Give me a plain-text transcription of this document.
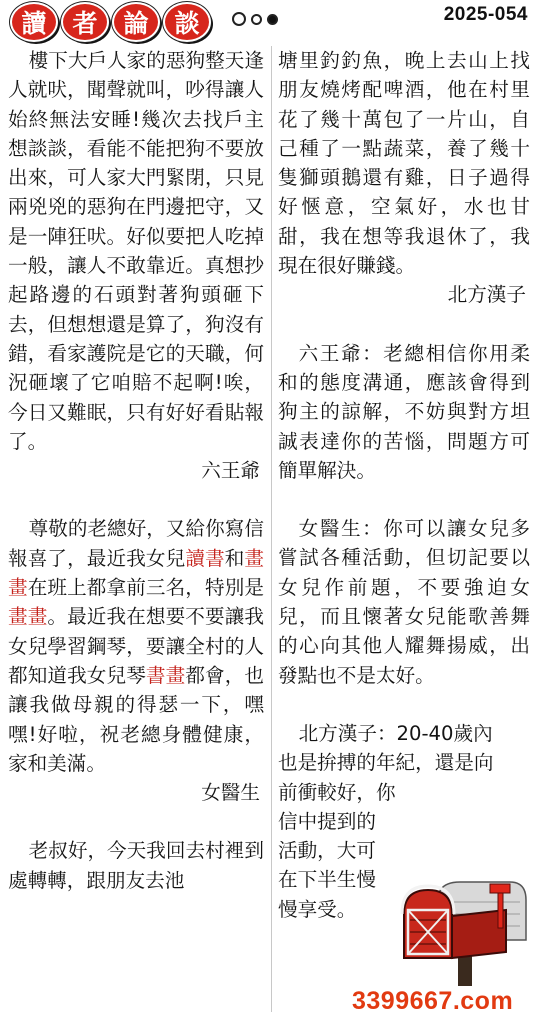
讀	者	論	談	2025-054

樓下大戶人家的惡狗整天逢人就吠，聞聲就叫，吵得讓人始終無法安睡!幾次去找戶主想談談，看能不能把狗不要放出來，可人家大門緊閉，只見兩兇兇的惡狗在門邊把守，又是一陣狂吠。好似要把人吃掉一般，讓人不敢靠近。真想抄起路邊的石頭對著狗頭砸下去，但想想還是算了，狗沒有錯，看家護院是它的天職，何況砸壞了它咱賠不起啊!唉，今日又難眠，只有好好看貼報了。

六王爺

尊敬的老總好，又給你寫信報喜了，最近我女兒讀書和畫畫在班上都拿前三名，特別是畫畫。最近我在想要不要讓我女兒學習鋼琴，要讓全村的人都知道我女兒琴書畫都會，也讓我做母親的得瑟一下，嘿嘿!好啦，祝老總身體健康，家和美滿。

女醫生

老叔好，今天我回去村裡到處轉轉，跟朋友去池

塘里釣釣魚，晚上去山上找朋友燒烤配啤酒，他在村里花了幾十萬包了一片山，自己種了一點蔬菜，養了幾十隻獅頭鵝還有雞，日子過得好愜意，空氣好，水也甘甜，我在想等我退休了，我現在很好賺錢。

北方漢子

六王爺：老總相信你用柔和的態度溝通，應該會得到狗主的諒解，不妨與對方坦誠表達你的苦惱，問題方可簡單解決。

女醫生：你可以讓女兒多嘗試各種活動，但切記要以女兒作前題，不要強迫女兒，而且懷著女兒能歌善舞的心向其他人耀舞揚威，出發點也不是太好。

北方漢子：20-40歲內
也是拚搏的年紀，還是向
前衝較好，你
信中提到的
活動，大可
在下半生慢
慢享受。

3399667.com
